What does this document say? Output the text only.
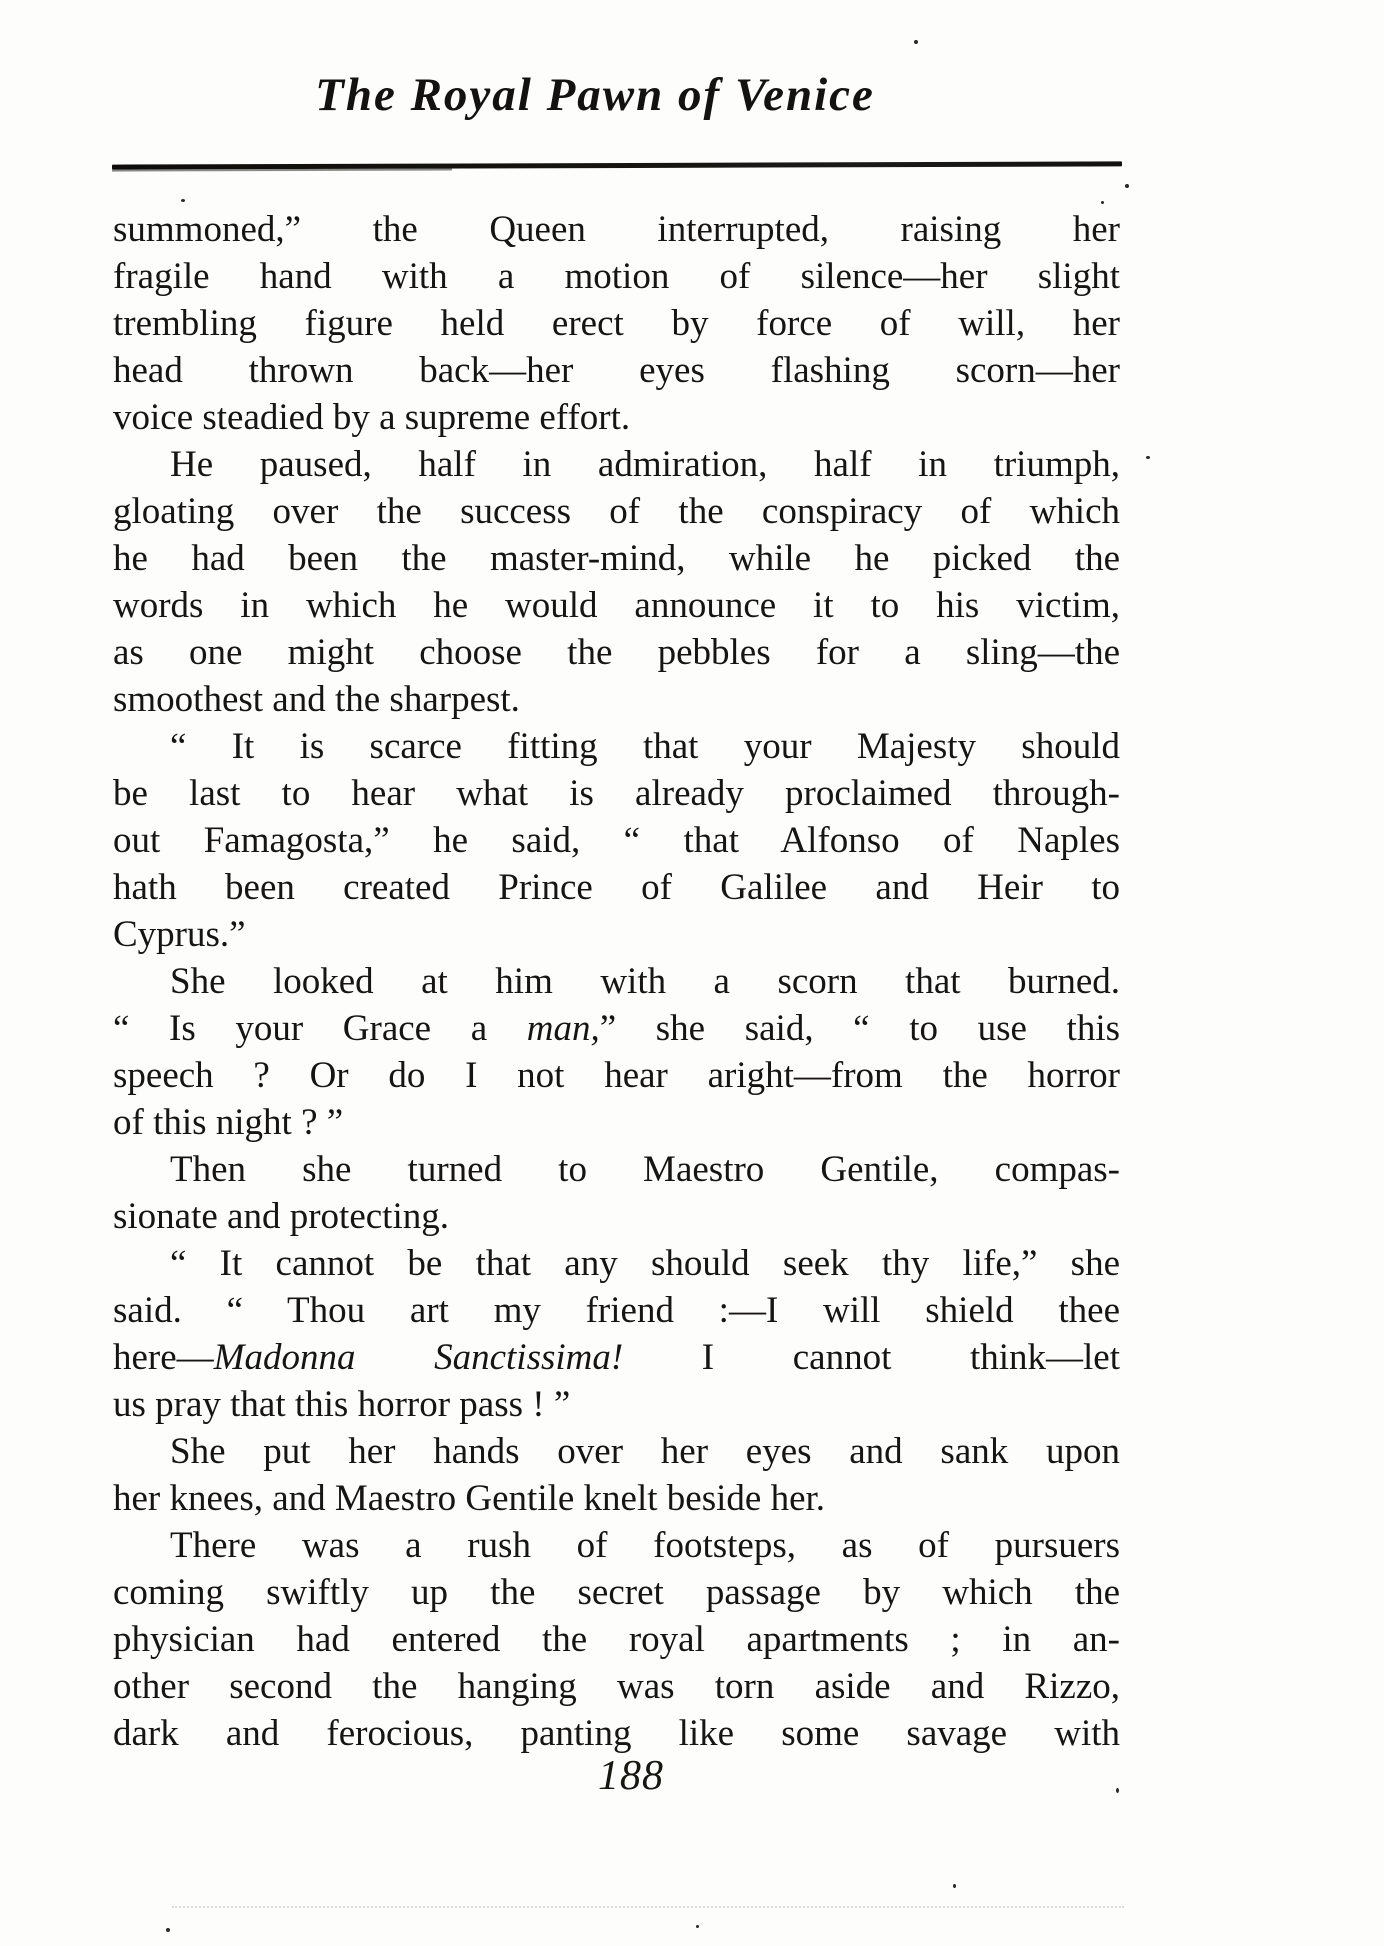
The Royal Pawn of Venice
summoned,” the Queen interrupted, raising her
fragile hand with a motion of silence—her slight
trembling figure held erect by force of will, her
head thrown back—her eyes flashing scorn—her
voice steadied by a supreme effort.
He paused, half in admiration, half in triumph,
gloating over the success of the conspiracy of which
he had been the master-mind, while he picked the
words in which he would announce it to his victim,
as one might choose the pebbles for a sling—the
smoothest and the sharpest.
“ It is scarce fitting that your Majesty should
be last to hear what is already proclaimed through-
out Famagosta,” he said, “ that Alfonso of Naples
hath been created Prince of Galilee and Heir to
Cyprus.”
She looked at him with a scorn that burned.
“ Is your Grace a man,” she said, “ to use this
speech ? Or do I not hear aright—from the horror
of this night ? ”
Then she turned to Maestro Gentile, compas-
sionate and protecting.
“ It cannot be that any should seek thy life,” she
said. “ Thou art my friend :—I will shield thee
here—Madonna Sanctissima! I cannot think—let
us pray that this horror pass ! ”
She put her hands over her eyes and sank upon
her knees, and Maestro Gentile knelt beside her.
There was a rush of footsteps, as of pursuers
coming swiftly up the secret passage by which the
physician had entered the royal apartments ; in an-
other second the hanging was torn aside and Rizzo,
dark and ferocious, panting like some savage with
188
